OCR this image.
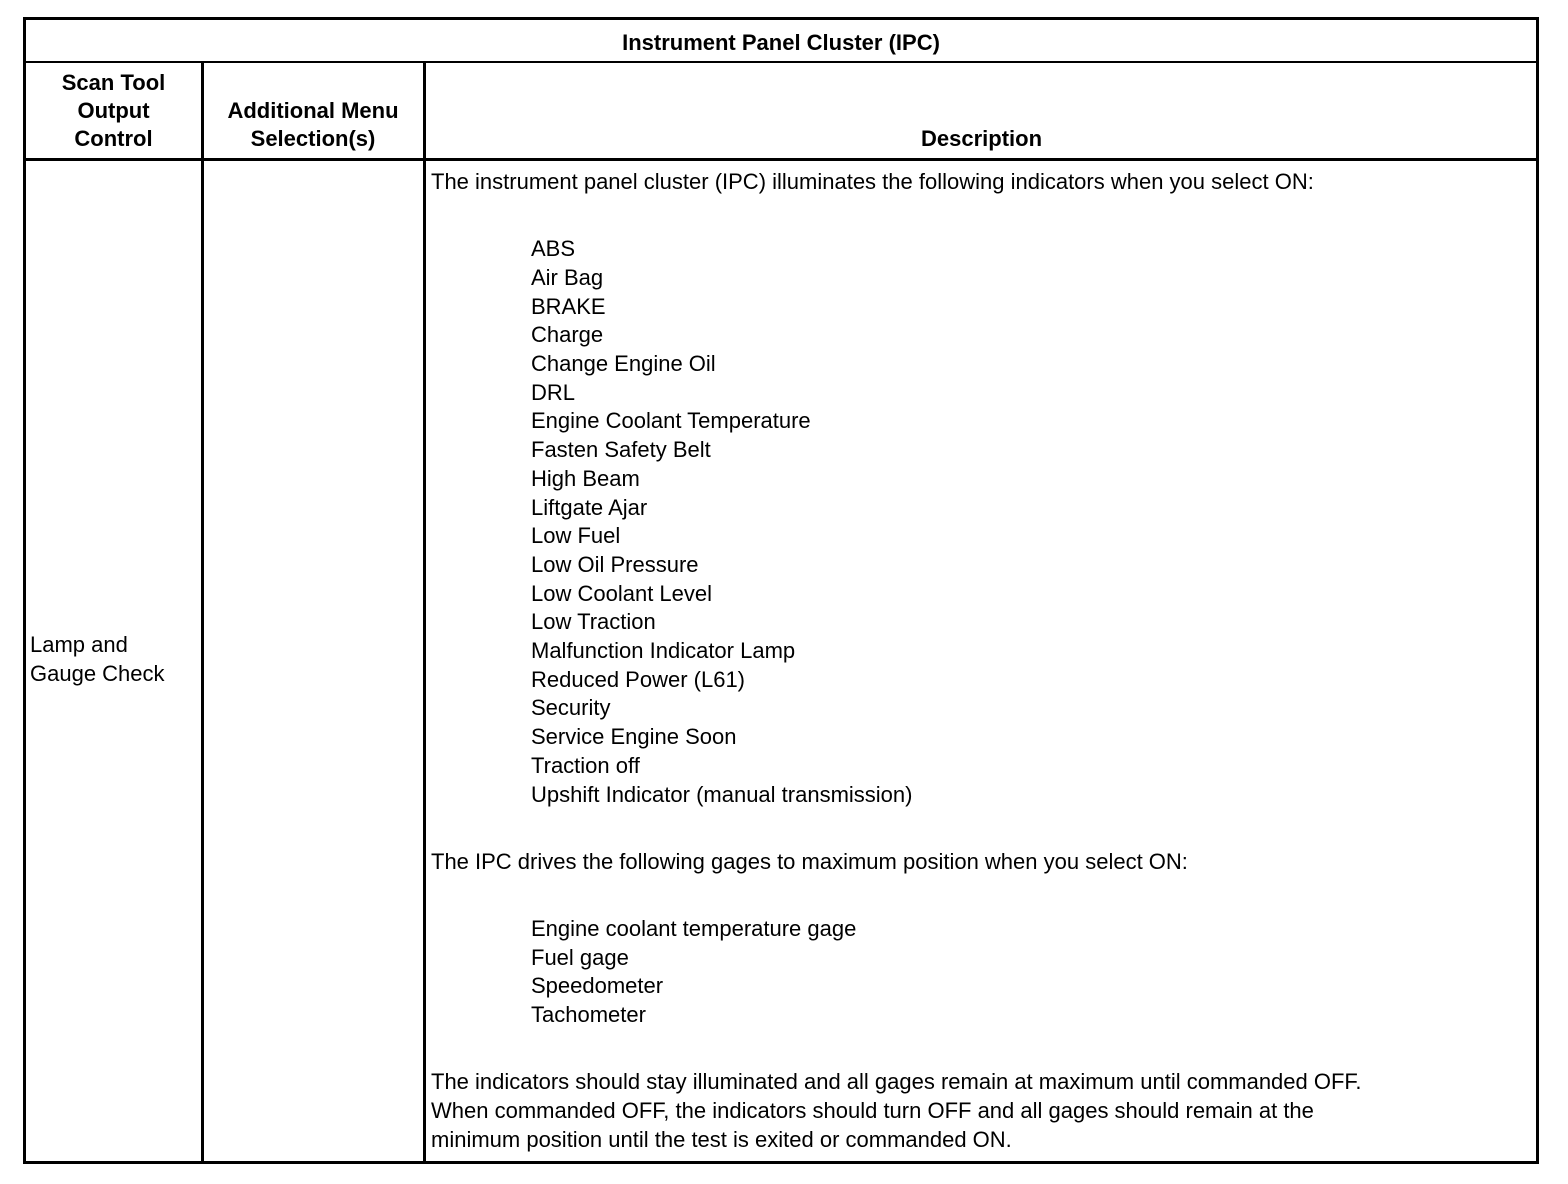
Instrument Panel Cluster (IPC)
Scan Tool
Output
Control
Additional Menu
Selection(s)	Description
Lamp and
Gauge Check

The instrument panel cluster (IPC) illuminates the following indicators when you select ON:

ABS
Air Bag
BRAKE
Charge
Change Engine Oil
DRL
Engine Coolant Temperature
Fasten Safety Belt
High Beam
Liftgate Ajar
Low Fuel
Low Oil Pressure
Low Coolant Level
Low Traction
Malfunction Indicator Lamp
Reduced Power (L61)
Security
Service Engine Soon
Traction off
Upshift Indicator (manual transmission)

The IPC drives the following gages to maximum position when you select ON:

Engine coolant temperature gage
Fuel gage
Speedometer
Tachometer
The indicators should stay illuminated and all gages remain at maximum until commanded OFF.
When commanded OFF, the indicators should turn OFF and all gages should remain at the
minimum position until the test is exited or commanded ON.
